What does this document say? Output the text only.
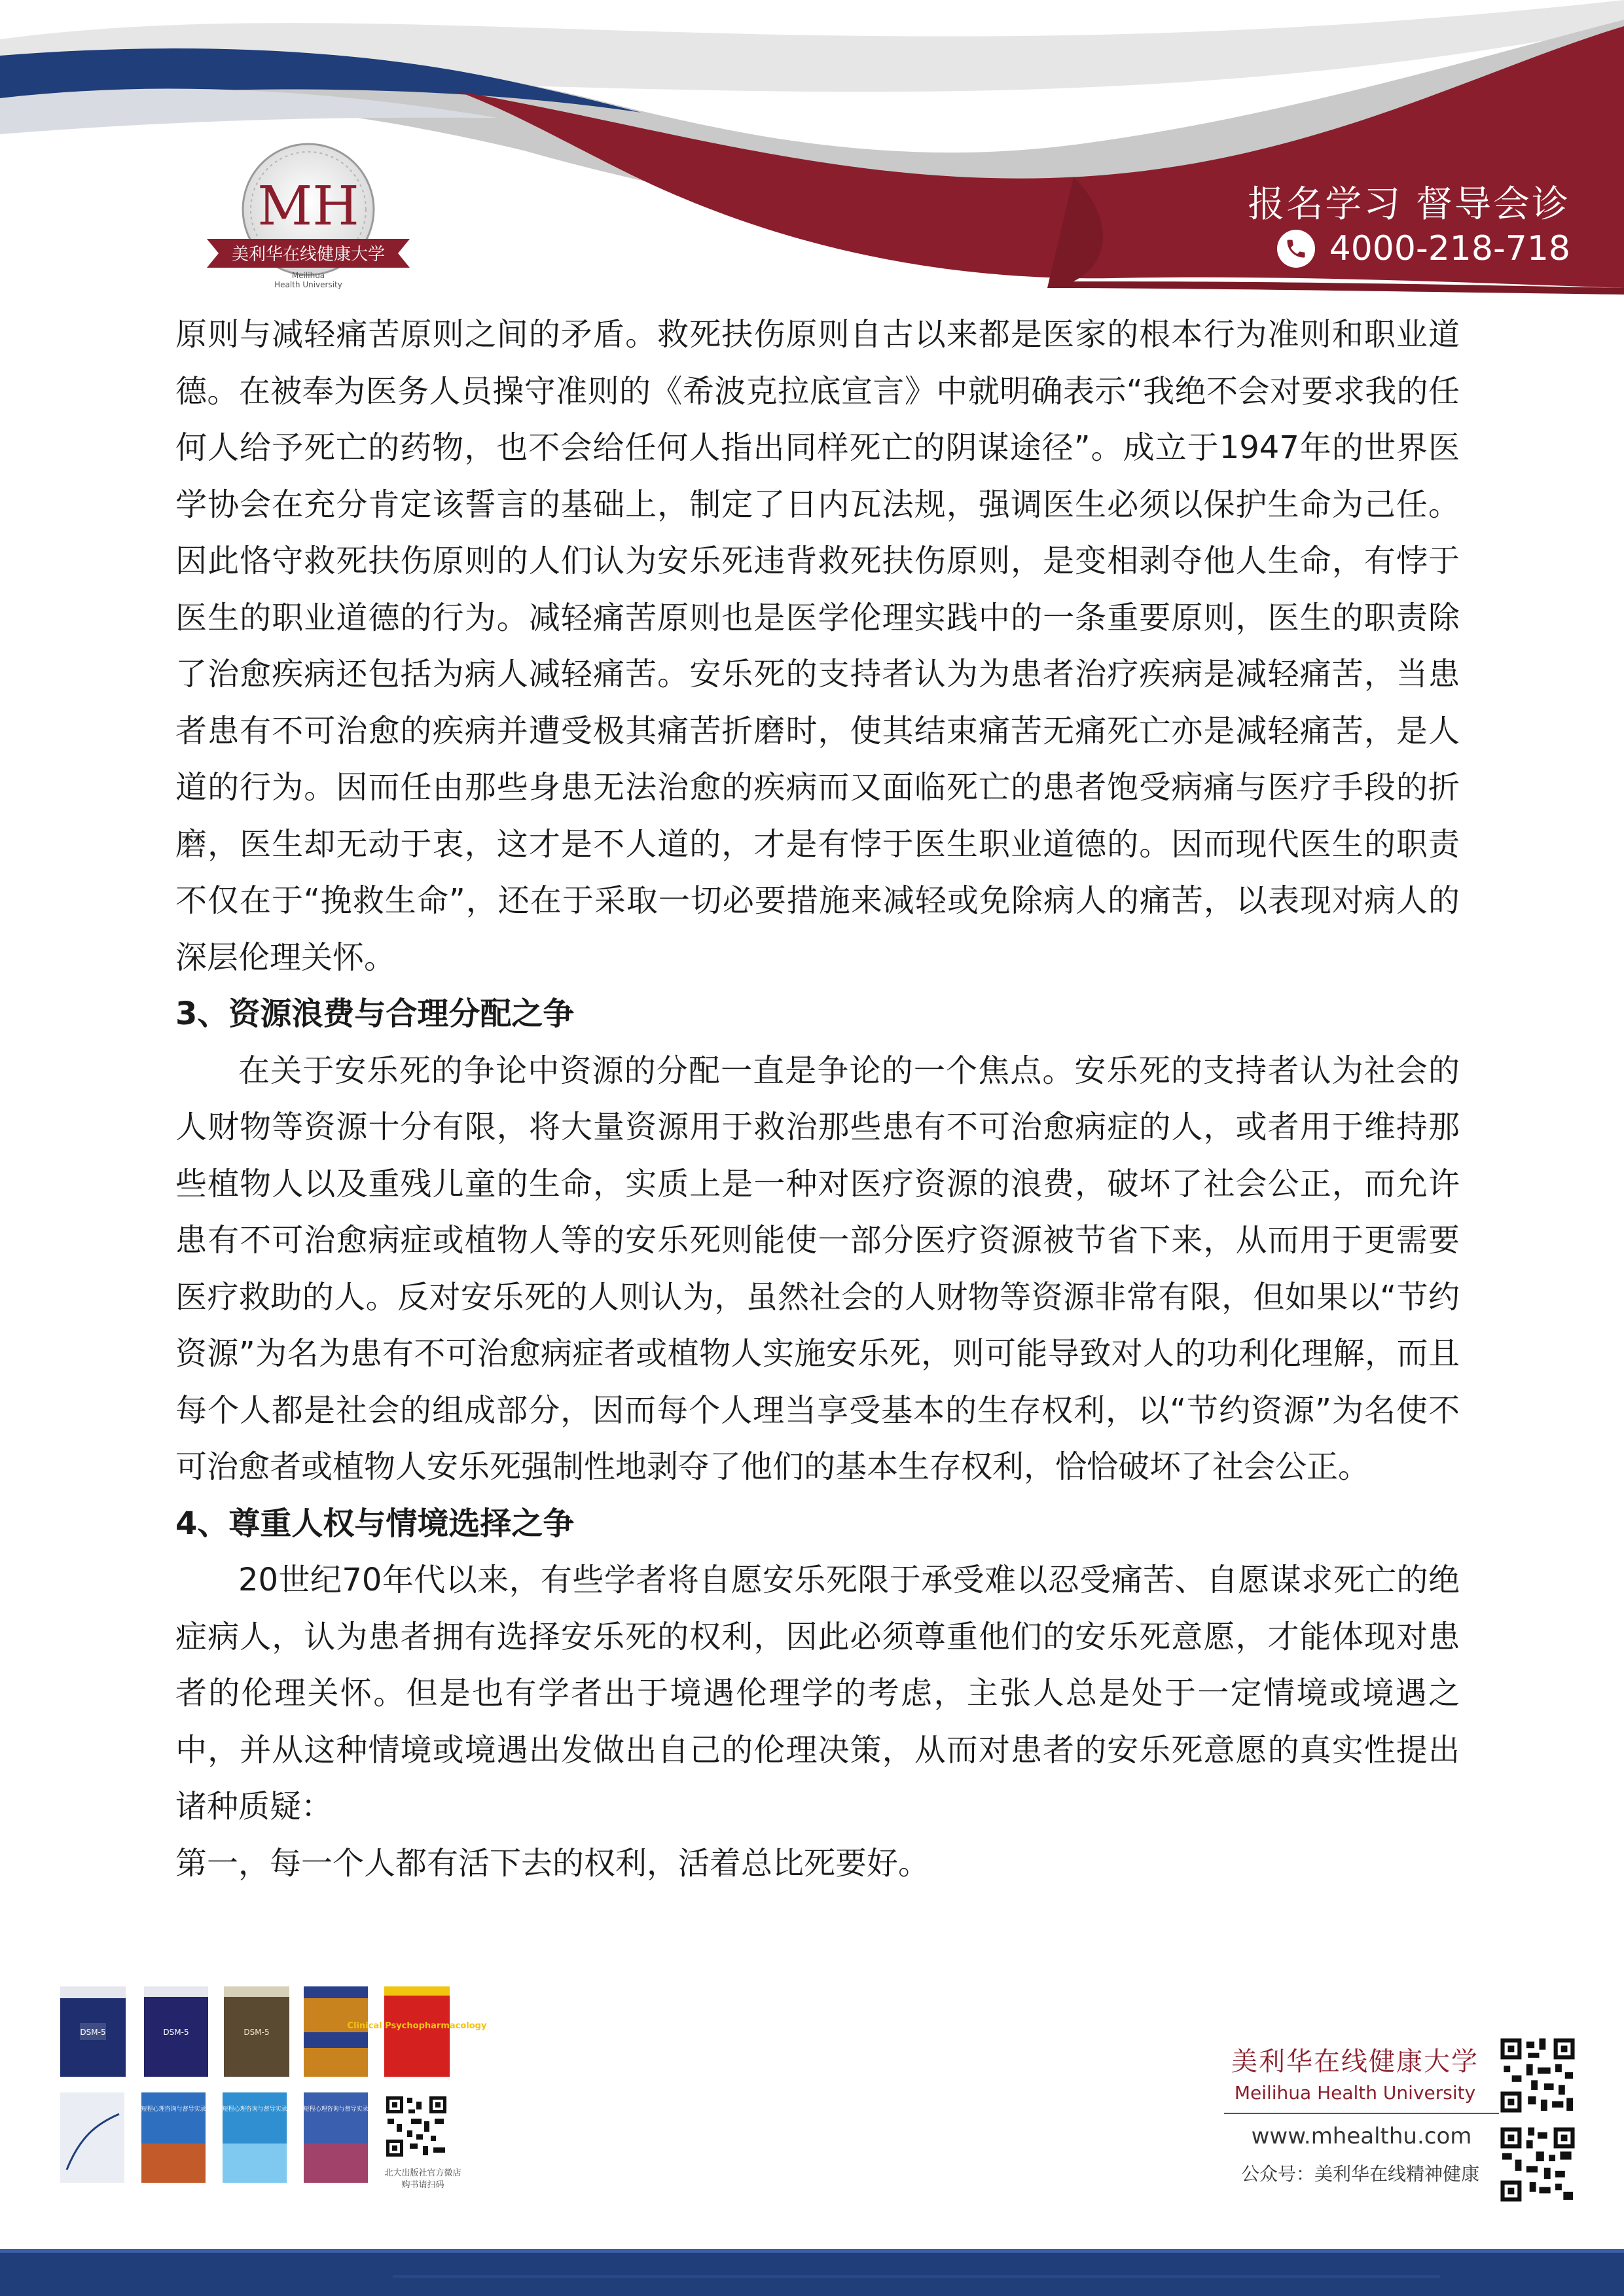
MH
美利华在线健康大学
Meilihua
Health University
报名学习 督导会诊
4000-218-718

原则与减轻痛苦原则之间的矛盾。救死扶伤原则自古以来都是医家的根本行为准则和职业道德。在被奉为医务人员操守准则的《希波克拉底宣言》中就明确表示“我绝不会对要求我的任何人给予死亡的药物，也不会给任何人指出同样死亡的阴谋途径”。成立于1947年的世界医学协会在充分肯定该誓言的基础上，制定了日内瓦法规，强调医生必须以保护生命为己任。因此恪守救死扶伤原则的人们认为安乐死违背救死扶伤原则，是变相剥夺他人生命，有悖于医生的职业道德的行为。减轻痛苦原则也是医学伦理实践中的一条重要原则，医生的职责除了治愈疾病还包括为病人减轻痛苦。安乐死的支持者认为为患者治疗疾病是减轻痛苦，当患者患有不可治愈的疾病并遭受极其痛苦折磨时，使其结束痛苦无痛死亡亦是减轻痛苦，是人道的行为。因而任由那些身患无法治愈的疾病而又面临死亡的患者饱受病痛与医疗手段的折磨，医生却无动于衷，这才是不人道的，才是有悖于医生职业道德的。因而现代医生的职责不仅在于“挽救生命”，还在于采取一切必要措施来减轻或免除病人的痛苦，以表现对病人的深层伦理关怀。

3、资源浪费与合理分配之争

在关于安乐死的争论中资源的分配一直是争论的一个焦点。安乐死的支持者认为社会的人财物等资源十分有限，将大量资源用于救治那些患有不可治愈病症的人，或者用于维持那些植物人以及重残儿童的生命，实质上是一种对医疗资源的浪费，破坏了社会公正，而允许患有不可治愈病症或植物人等的安乐死则能使一部分医疗资源被节省下来，从而用于更需要医疗救助的人。反对安乐死的人则认为，虽然社会的人财物等资源非常有限，但如果以“节约资源”为名为患有不可治愈病症者或植物人实施安乐死，则可能导致对人的功利化理解，而且每个人都是社会的组成部分，因而每个人理当享受基本的生存权利，以“节约资源”为名使不可治愈者或植物人安乐死强制性地剥夺了他们的基本生存权利，恰恰破坏了社会公正。

4、尊重人权与情境选择之争

20世纪70年代以来，有些学者将自愿安乐死限于承受难以忍受痛苦、自愿谋求死亡的绝症病人，认为患者拥有选择安乐死的权利，因此必须尊重他们的安乐死意愿，才能体现对患者的伦理关怀。但是也有学者出于境遇伦理学的考虑，主张人总是处于一定情境或境遇之中，并从这种情境或境遇出发做出自己的伦理决策，从而对患者的安乐死意愿的真实性提出诸种质疑：

第一，每一个人都有活下去的权利，活着总比死要好。

DSM-5	DSM-5	DSM-5
Clinical Psychopharmacology
短程心理咨询与督导实录	短程心理咨询与督导实录	短程心理咨询与督导实录
北大出版社官方微店 购书请扫码
美利华在线健康大学
Meilihua Health University
www.mhealthu.com
公众号：美利华在线精神健康
